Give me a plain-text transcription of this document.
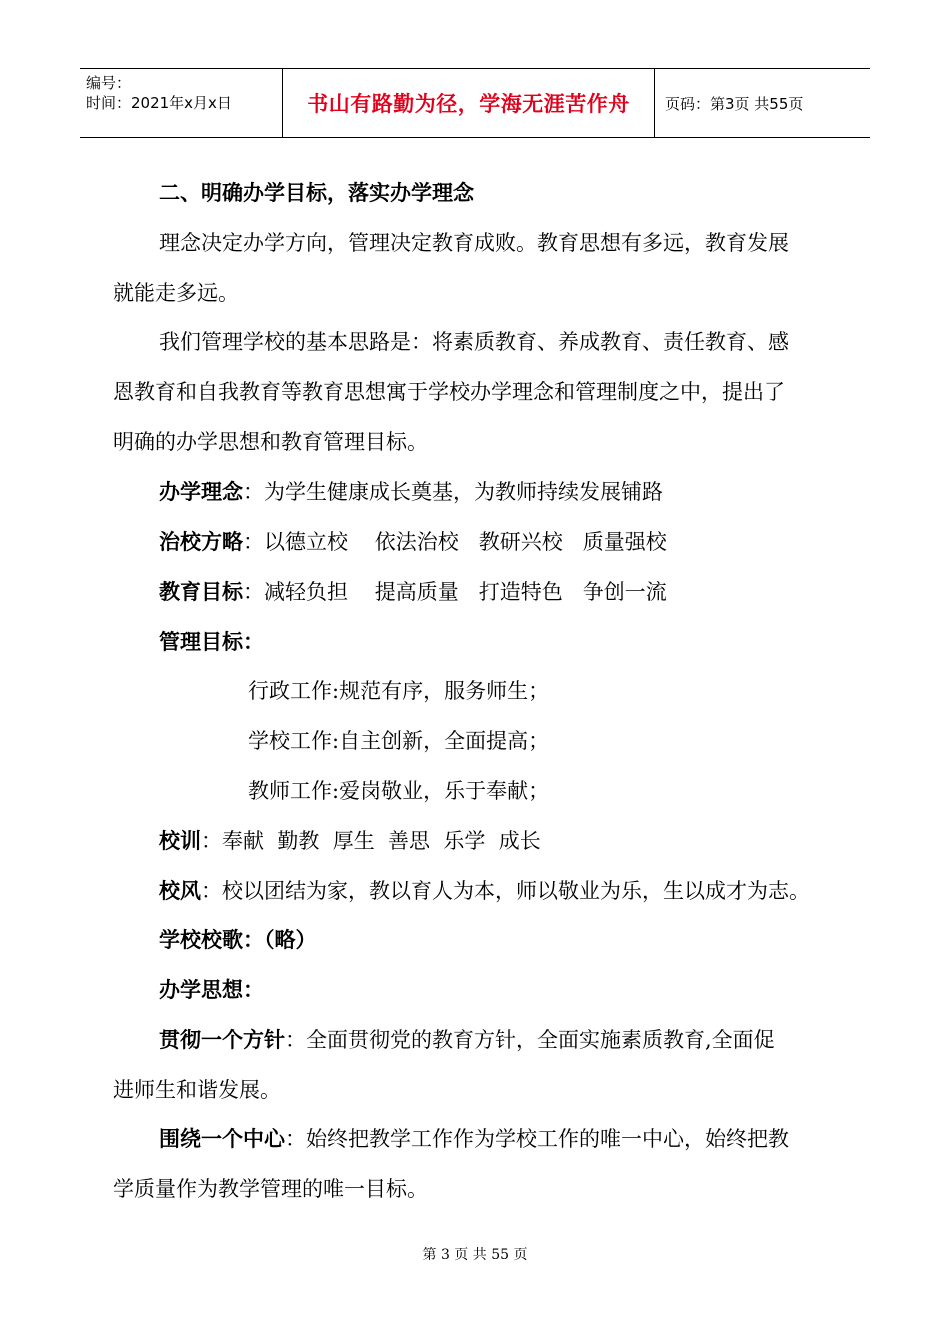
编号：
时间：2021年x月x日	书山有路勤为径，学海无涯苦作舟	页码：第3页 共55页
二、明确办学目标，落实办学理念
理念决定办学方向，管理决定教育成败。教育思想有多远，教育发展
就能走多远。
我们管理学校的基本思路是：将素质教育、养成教育、责任教育、感
恩教育和自我教育等教育思想寓于学校办学理念和管理制度之中，提出了
明确的办学思想和教育管理目标。
办学理念：为学生健康成长奠基，为教师持续发展铺路
治校方略：以德立校    依法治校   教研兴校   质量强校
教育目标：减轻负担    提高质量   打造特色   争创一流
管理目标：
行政工作:规范有序，服务师生；
学校工作:自主创新，全面提高；
教师工作:爱岗敬业，乐于奉献；
校训：奉献  勤教  厚生  善思  乐学  成长
校风：校以团结为家，教以育人为本，师以敬业为乐，生以成才为志。
学校校歌：（略）
办学思想：
贯彻一个方针：全面贯彻党的教育方针，全面实施素质教育,全面促
进师生和谐发展。
围绕一个中心：始终把教学工作作为学校工作的唯一中心，始终把教
学质量作为教学管理的唯一目标。
第 3 页 共 55 页
